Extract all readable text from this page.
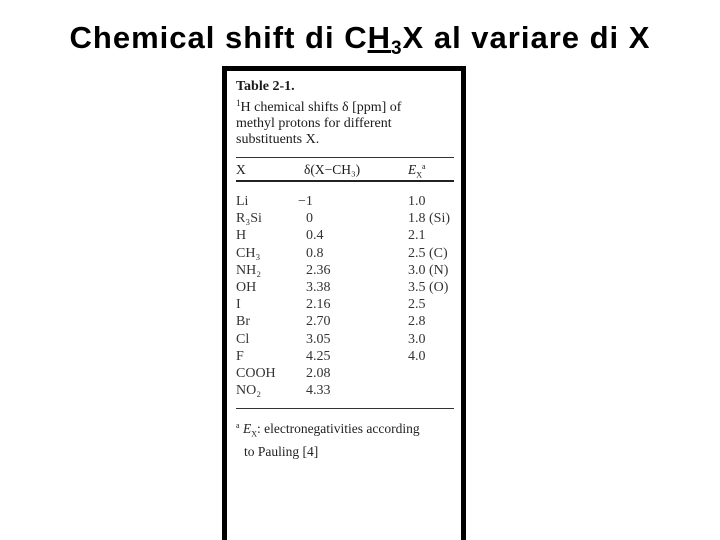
Chemical shift di $CH_3X$ al variare di X
Table 2-1.
$^1$H chemical shifts δ [ppm] of
methyl protons for different
substituents X.
X	δ(X−CH₃)	$E_X^a$
Li	−1	1.0
R₃Si	0	1.8 (Si)
H	0.4	2.1
CH₃	0.8	2.5 (C)
NH₂	2.36	3.0 (N)
OH	3.38	3.5 (O)
I	2.16	2.5
Br	2.70	2.8
Cl	3.05	3.0
F	4.25	4.0
COOH 2.08
NO₂	4.33
$^a$ $E_X$: electronegativities according
to Pauling [4]
